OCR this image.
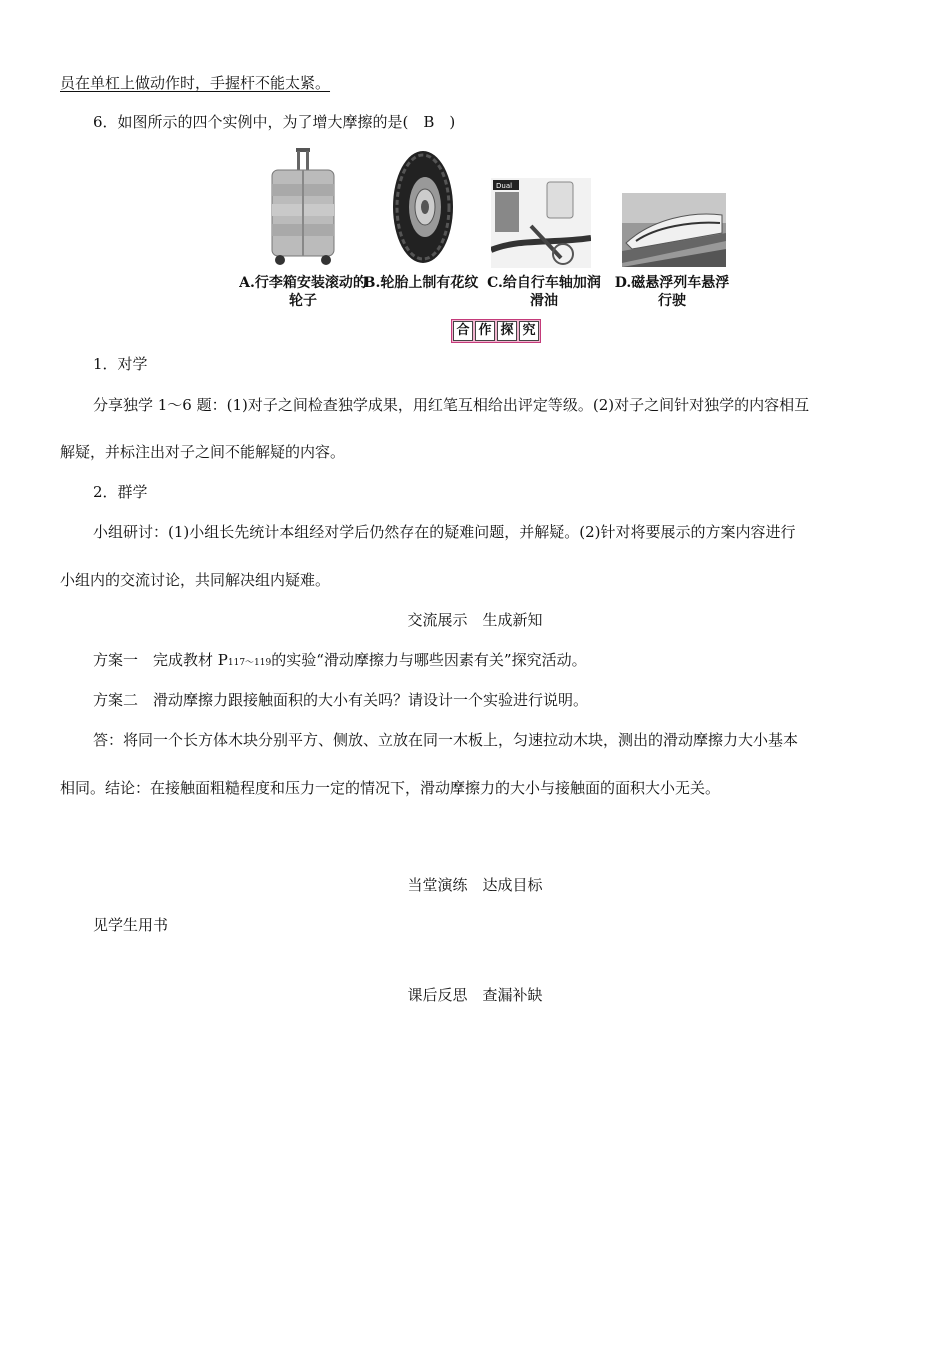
员在单杠上做动作时，手握杆不能太紧。
6．如图所示的四个实例中，为了增大摩擦的是(　B　)
Dual
A.行李箱安装滚动的轮子
B.轮胎上制有花纹 C.给自行车轴加润滑油
D.磁悬浮列车悬浮行驶
合 作 探 究
1．对学
分享独学 1～6 题：(1)对子之间检查独学成果，用红笔互相给出评定等级。(2)对子之间针对独学的内容相互
解疑，并标注出对子之间不能解疑的内容。
2．群学
小组研讨：(1)小组长先统计本组经对学后仍然存在的疑难问题，并解疑。(2)针对将要展示的方案内容进行
小组内的交流讨论，共同解决组内疑难。
交流展示　生成新知
方案一　完成教材 P117～119的实验“滑动摩擦力与哪些因素有关”探究活动。
方案二　滑动摩擦力跟接触面积的大小有关吗？请设计一个实验进行说明。
答：将同一个长方体木块分别平方、侧放、立放在同一木板上，匀速拉动木块，测出的滑动摩擦力大小基本
相同。结论：在接触面粗糙程度和压力一定的情况下，滑动摩擦力的大小与接触面的面积大小无关。
当堂演练　达成目标
见学生用书
课后反思　查漏补缺
